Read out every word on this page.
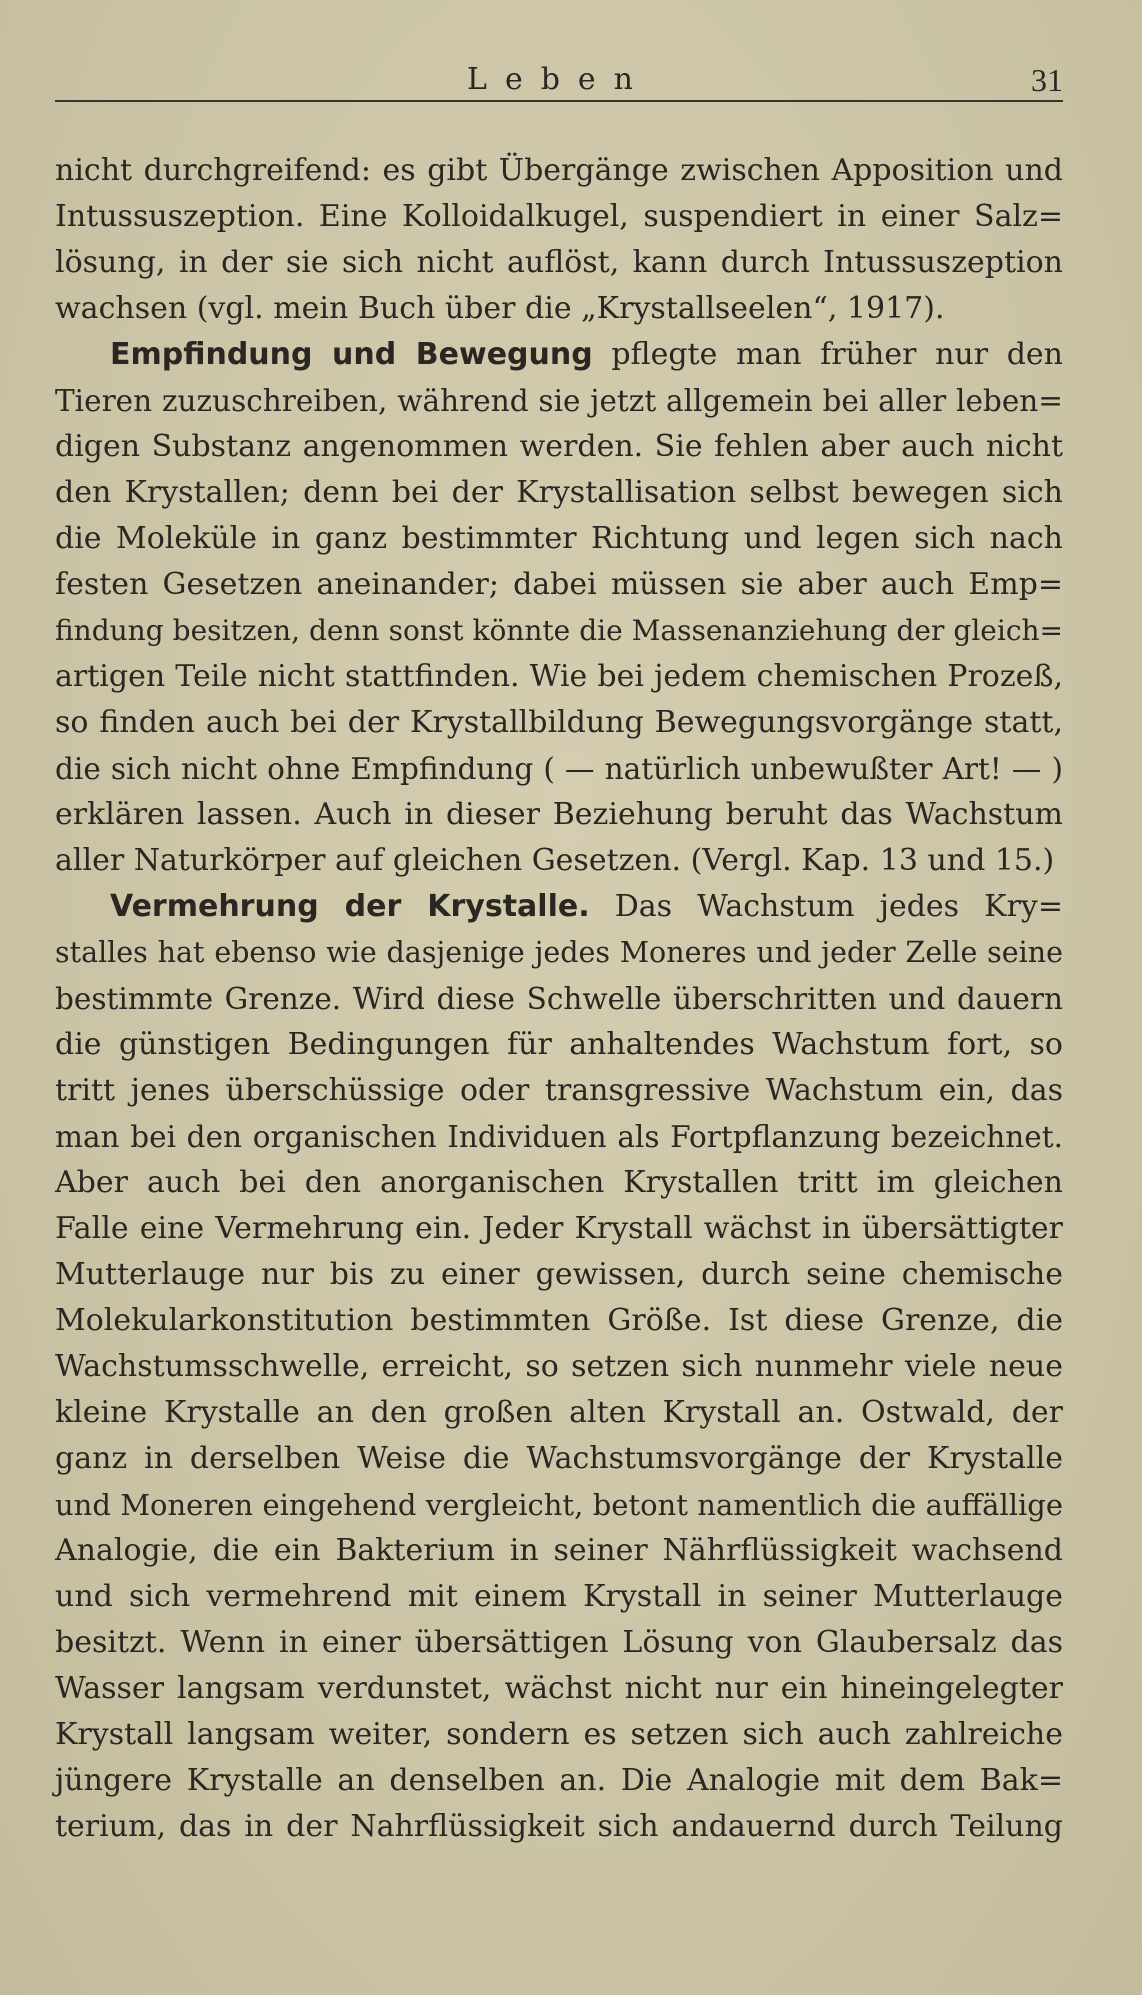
Leben	31
nicht durchgreifend: es gibt Übergänge zwischen Apposition und
Intussuszeption. Eine Kolloidalkugel, suspendiert in einer Salz=
lösung, in der sie sich nicht auflöst, kann durch Intussuszeption
wachsen (vgl. mein Buch über die „Krystallseelen“, 1917).
Empfindung und Bewegung pflegte man früher nur den
Tieren zuzuschreiben, während sie jetzt allgemein bei aller leben=
digen Substanz angenommen werden. Sie fehlen aber auch nicht
den Krystallen; denn bei der Krystallisation selbst bewegen sich
die Moleküle in ganz bestimmter Richtung und legen sich nach
festen Gesetzen aneinander; dabei müssen sie aber auch Emp=
findung besitzen, denn sonst könnte die Massenanziehung der gleich=
artigen Teile nicht stattfinden. Wie bei jedem chemischen Prozeß,
so finden auch bei der Krystallbildung Bewegungsvorgänge statt,
die sich nicht ohne Empfindung ( — natürlich unbewußter Art! — )
erklären lassen. Auch in dieser Beziehung beruht das Wachstum
aller Naturkörper auf gleichen Gesetzen. (Vergl. Kap. 13 und 15.)
Vermehrung der Krystalle. Das Wachstum jedes Kry=
stalles hat ebenso wie dasjenige jedes Moneres und jeder Zelle seine
bestimmte Grenze. Wird diese Schwelle überschritten und dauern
die günstigen Bedingungen für anhaltendes Wachstum fort, so
tritt jenes überschüssige oder transgressive Wachstum ein, das
man bei den organischen Individuen als Fortpflanzung bezeichnet.
Aber auch bei den anorganischen Krystallen tritt im gleichen
Falle eine Vermehrung ein. Jeder Krystall wächst in übersättigter
Mutterlauge nur bis zu einer gewissen, durch seine chemische
Molekularkonstitution bestimmten Größe. Ist diese Grenze, die
Wachstumsschwelle, erreicht, so setzen sich nunmehr viele neue
kleine Krystalle an den großen alten Krystall an. Ostwald, der
ganz in derselben Weise die Wachstumsvorgänge der Krystalle
und Moneren eingehend vergleicht, betont namentlich die auffällige
Analogie, die ein Bakterium in seiner Nährflüssigkeit wachsend
und sich vermehrend mit einem Krystall in seiner Mutterlauge
besitzt. Wenn in einer übersättigen Lösung von Glaubersalz das
Wasser langsam verdunstet, wächst nicht nur ein hineingelegter
Krystall langsam weiter, sondern es setzen sich auch zahlreiche
jüngere Krystalle an denselben an. Die Analogie mit dem Bak=
terium, das in der Nahrflüssigkeit sich andauernd durch Teilung
